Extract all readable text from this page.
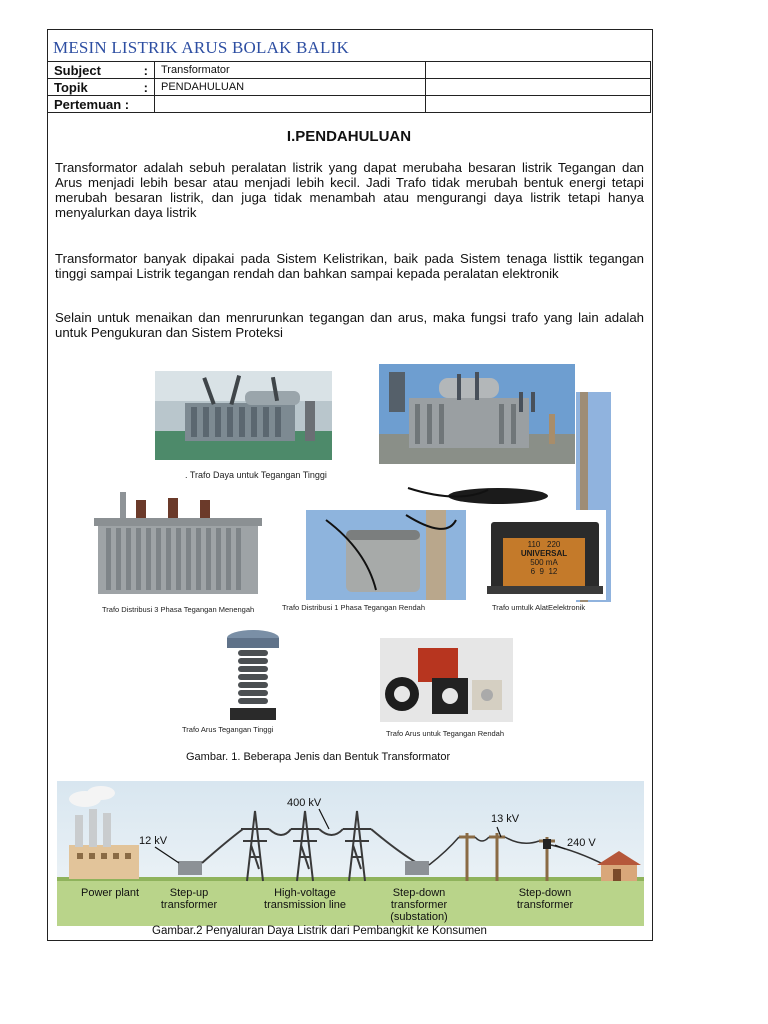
MESIN LISTRIK ARUS BOLAK BALIK
Subject :	Transformator	
Topik :	PENDAHULUAN	
Pertemuan :		
I.PENDAHULUAN
Transformator adalah sebuh peralatan listrik yang dapat merubaha besaran listrik Tegangan dan Arus menjadi lebih besar atau menjadi lebih kecil. Jadi Trafo tidak merubah bentuk energi tetapi merubah besaran listrik, dan juga tidak menambah atau mengurangi daya listrik tetapi hanya menyalurkan daya listrik
Transformator banyak dipakai pada Sistem Kelistrikan, baik pada Sistem tenaga listtik tegangan tinggi sampai Listrik tegangan rendah dan bahkan sampai kepada peralatan elektronik
Selain untuk menaikan dan menrurunkan tegangan dan arus, maka fungsi trafo yang lain adalah untuk Pengukuran dan Sistem Proteksi
110 220
UNIVERSAL
500 mA
6 9 12
. Trafo Daya untuk Tegangan Tinggi
Trafo Distribusi 3 Phasa Tegangan Menengah	Trafo Distribusi 1 Phasa Tegangan Rendah	Trafo umtulk AlatEelektronik
Trafo Arus Tegangan Tinggi	Trafo Arus untuk Tegangan Rendah
Gambar. 1. Beberapa Jenis dan Bentuk Transformator
12 kV
400 kV
13 kV
240 V
Power plant	Step-up
transformer
High-voltage
transmission line
Step-down
transformer
(substation)
Step-down
transformer
Gambar.2 Penyaluran Daya Listrik dari Pembangkit ke Konsumen
